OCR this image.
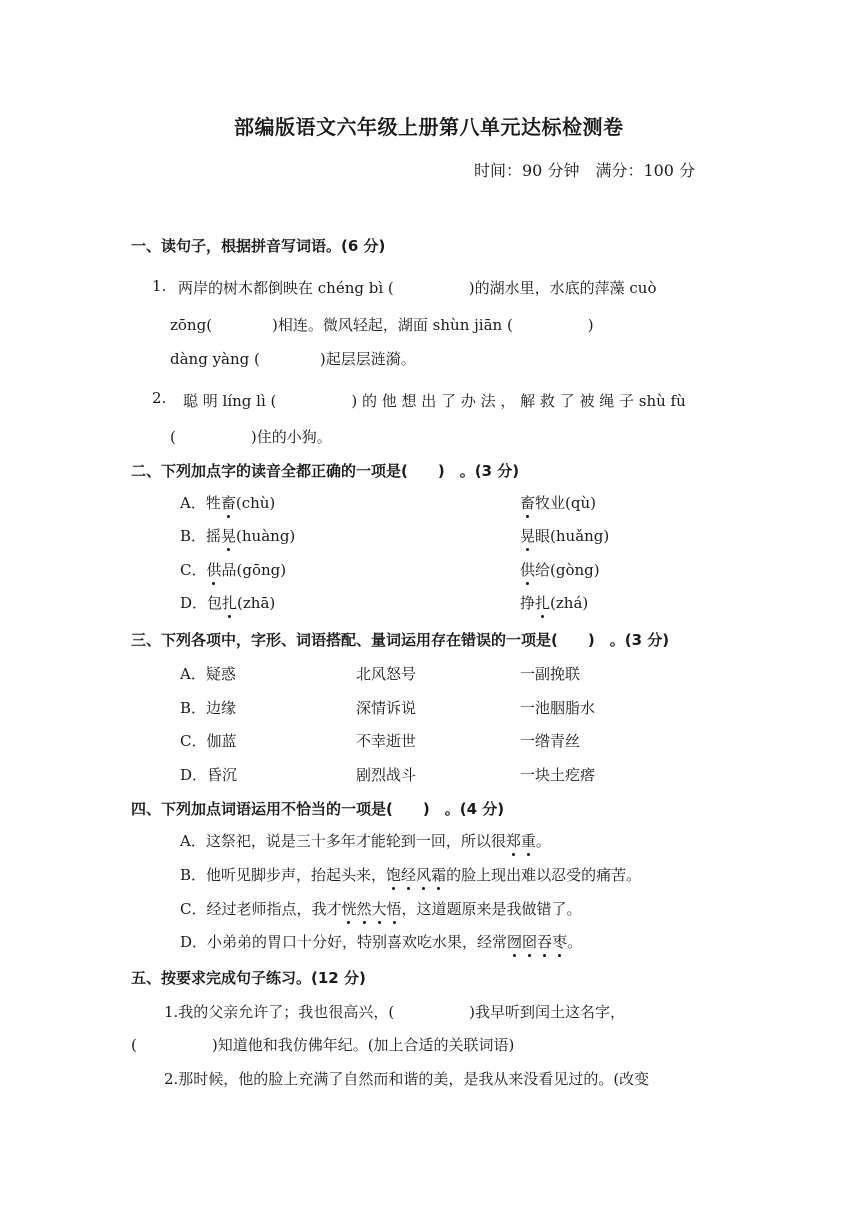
部编版语文六年级上册第八单元达标检测卷
时间：90 分钟　满分：100 分
一、读句子，根据拼音写词语。(6 分)
1. 两岸的树木都倒映在 chéng bì (　　　　　)的湖水里，水底的萍藻 cuò
zōng(　　　　)相连。微风轻起，湖面 shùn jiān (　　　　　)
dàng yàng (　　　　)起层层涟漪。
2. 聪 明 líng lì (　　　　　) 的 他 想 出 了 办 法 ， 解 救 了 被 绳 子 shù fù
(　　　　　)住的小狗。
二、下列加点字的读音全都正确的一项是(　　)　。(3 分)
A．牲畜(chù)	畜牧业(qù)
B．摇晃(huàng)	晃眼(huǎng)
C．供品(gōng)	供给(gòng)
D．包扎(zhā)	挣扎(zhá)
三、下列各项中，字形、词语搭配、量词运用存在错误的一项是(　　)　。(3 分)
A．疑惑	北风怒号	一副挽联
B．边缘	深情诉说	一池胭脂水
C．伽蓝	不幸逝世	一绺青丝
D．昏沉	剧烈战斗	一块土疙瘩
四、下列加点词语运用不恰当的一项是(　　)　。(4 分)
A．这祭祀，说是三十多年才能轮到一回，所以很郑重。
B．他听见脚步声，抬起头来，饱经风霜的脸上现出难以忍受的痛苦。
C．经过老师指点，我才恍然大悟，这道题原来是我做错了。
D．小弟弟的胃口十分好，特别喜欢吃水果，经常囫囵吞枣。
五、按要求完成句子练习。(12 分)
1.我的父亲允许了；我也很高兴，(　　　　　)我早听到闰土这名字，
(　　　　　)知道他和我仿佛年纪。(加上合适的关联词语)
2.那时候，他的脸上充满了自然而和谐的美，是我从来没看见过的。(改变
